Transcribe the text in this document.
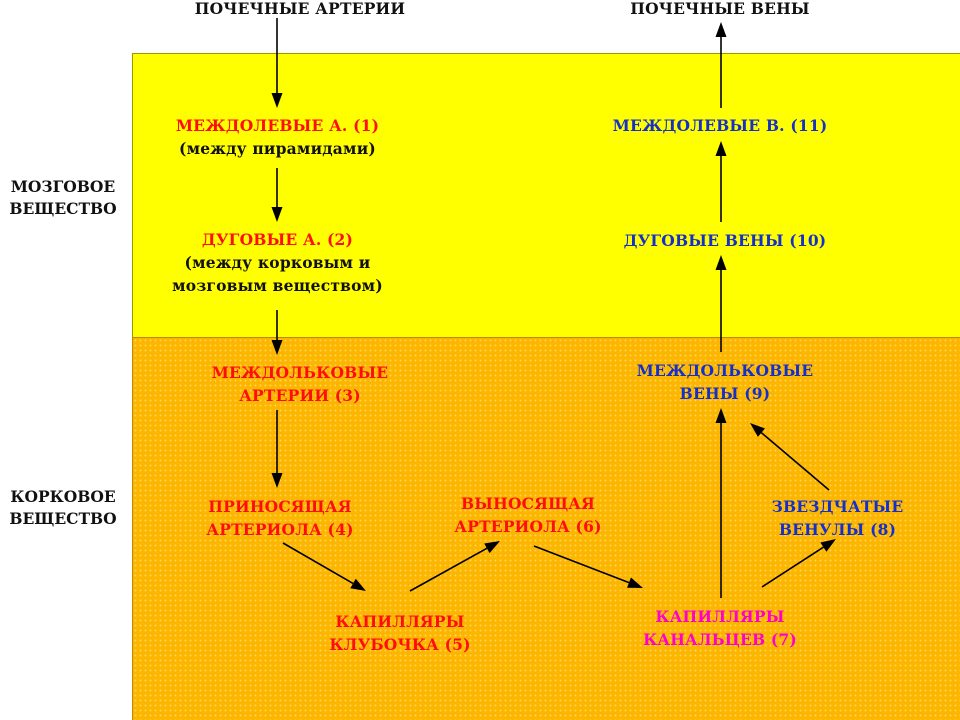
МОЗГОВОЕ
ВЕЩЕСТВО
КОРКОВОЕ
ВЕЩЕСТВО
ПОЧЕЧНЫЕ АРТЕРИИ	ПОЧЕЧНЫЕ ВЕНЫ
МЕЖДОЛЕВЫЕ А. (1)
(между пирамидами)
ДУГОВЫЕ А. (2)
(между корковым и
мозговым веществом)
МЕЖДОЛЬКОВЫЕ
АРТЕРИИ (3)
ПРИНОСЯЩАЯ
АРТЕРИОЛА (4)
КАПИЛЛЯРЫ
КЛУБОЧКА (5)
ВЫНОСЯЩАЯ
АРТЕРИОЛА (6)
КАПИЛЛЯРЫ
КАНАЛЬЦЕВ (7)
ЗВЕЗДЧАТЫЕ
ВЕНУЛЫ (8)
МЕЖДОЛЬКОВЫЕ
ВЕНЫ (9)
ДУГОВЫЕ ВЕНЫ (10)
МЕЖДОЛЕВЫЕ В. (11)
